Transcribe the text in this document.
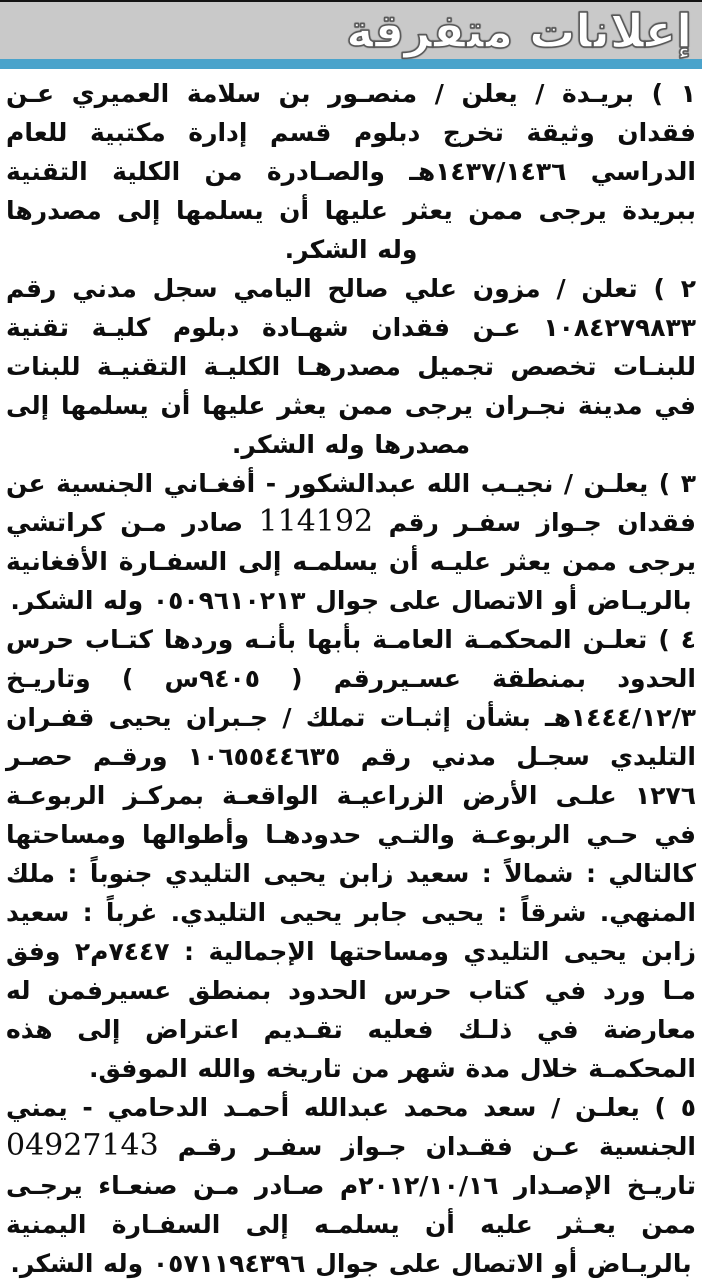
إعلانات متفرقة

١ ) بريـدة / يعلن / منصـور بن سلامة العميري عـن فقدان وثيقة تخرج دبلوم قسم إدارة مكتبية للعام الدراسي ١٤٣٧/١٤٣٦هـ والصـادرة من الكلية التقنية ببريدة يرجى ممن يعثر عليها أن يسلمها إلى مصدرها وله الشكر.

٢ ) تعلن / مزون علي صالح اليامي سجل مدني رقم ١٠٨٤٢٧٩٨٣٣ عـن فقدان شهـادة دبلوم كليـة تقنية للبنـات تخصص تجميل مصدرهـا الكليـة التقنيـة للبنات في مدينة نجـران يرجى ممن يعثر عليها أن يسلمها إلى مصدرها وله الشكر.

٣ ) يعلـن / نجيـب الله عبدالشكور - أفغـاني الجنسية عن فقدان جـواز سفـر رقم 114192 صادر مـن كراتشي يرجى ممن يعثر عليـه أن يسلمـه إلى السفـارة الأفغانية بالريـاض أو الاتصال على جوال ٠٥٠٩٦١٠٢١٣ وله الشكر.

٤ ) تعلـن المحكمـة العامـة بأبها بأنـه وردها كتـاب حرس الحدود بمنطقة عسـيررقم ( ٩٤٠٥س ) وتاريـخ ١٤٤٤/١٢/٣هـ بشأن إثبـات تملك / جـبران يحيى قفـران التليدي سجـل مدني رقم ١٠٦٥٥٤٤٦٣٥ ورقـم حصـر ١٢٧٦ علـى الأرض الزراعيـة الواقعـة بمركـز الربوعـة في حـي الربوعـة والتـي حدودهـا وأطوالها ومساحتها كالتالي : شمالاً : سعيد زابن يحيى التليدي جنوباً : ملك المنهي. شرقاً : يحيى جابر يحيى التليدي. غرباً : سعيد زابن يحيى التليدي ومساحتها الإجمالية : ٧٤٤٧م٢ وفق مـا ورد في كتاب حرس الحدود بمنطق عسيرفمن له معارضة في ذلـك فعليه تقـديم اعتراض إلى هذه المحكمـة خلال مدة شهر من تاريخه والله الموفق.

٥ ) يعلـن / سعد محمد عبدالله أحمـد الدحامي - يمني الجنسية عـن فقـدان جـواز سفـر رقـم 04927143 تاريـخ الإصـدار ٢٠١٢/١٠/١٦م صـادر مـن صنعـاء يرجـى ممن يعـثر عليه أن يسلمـه إلى السفـارة اليمنية بالريـاض أو الاتصال على جوال ٠٥٧١١٩٤٣٩٦ وله الشكر.
